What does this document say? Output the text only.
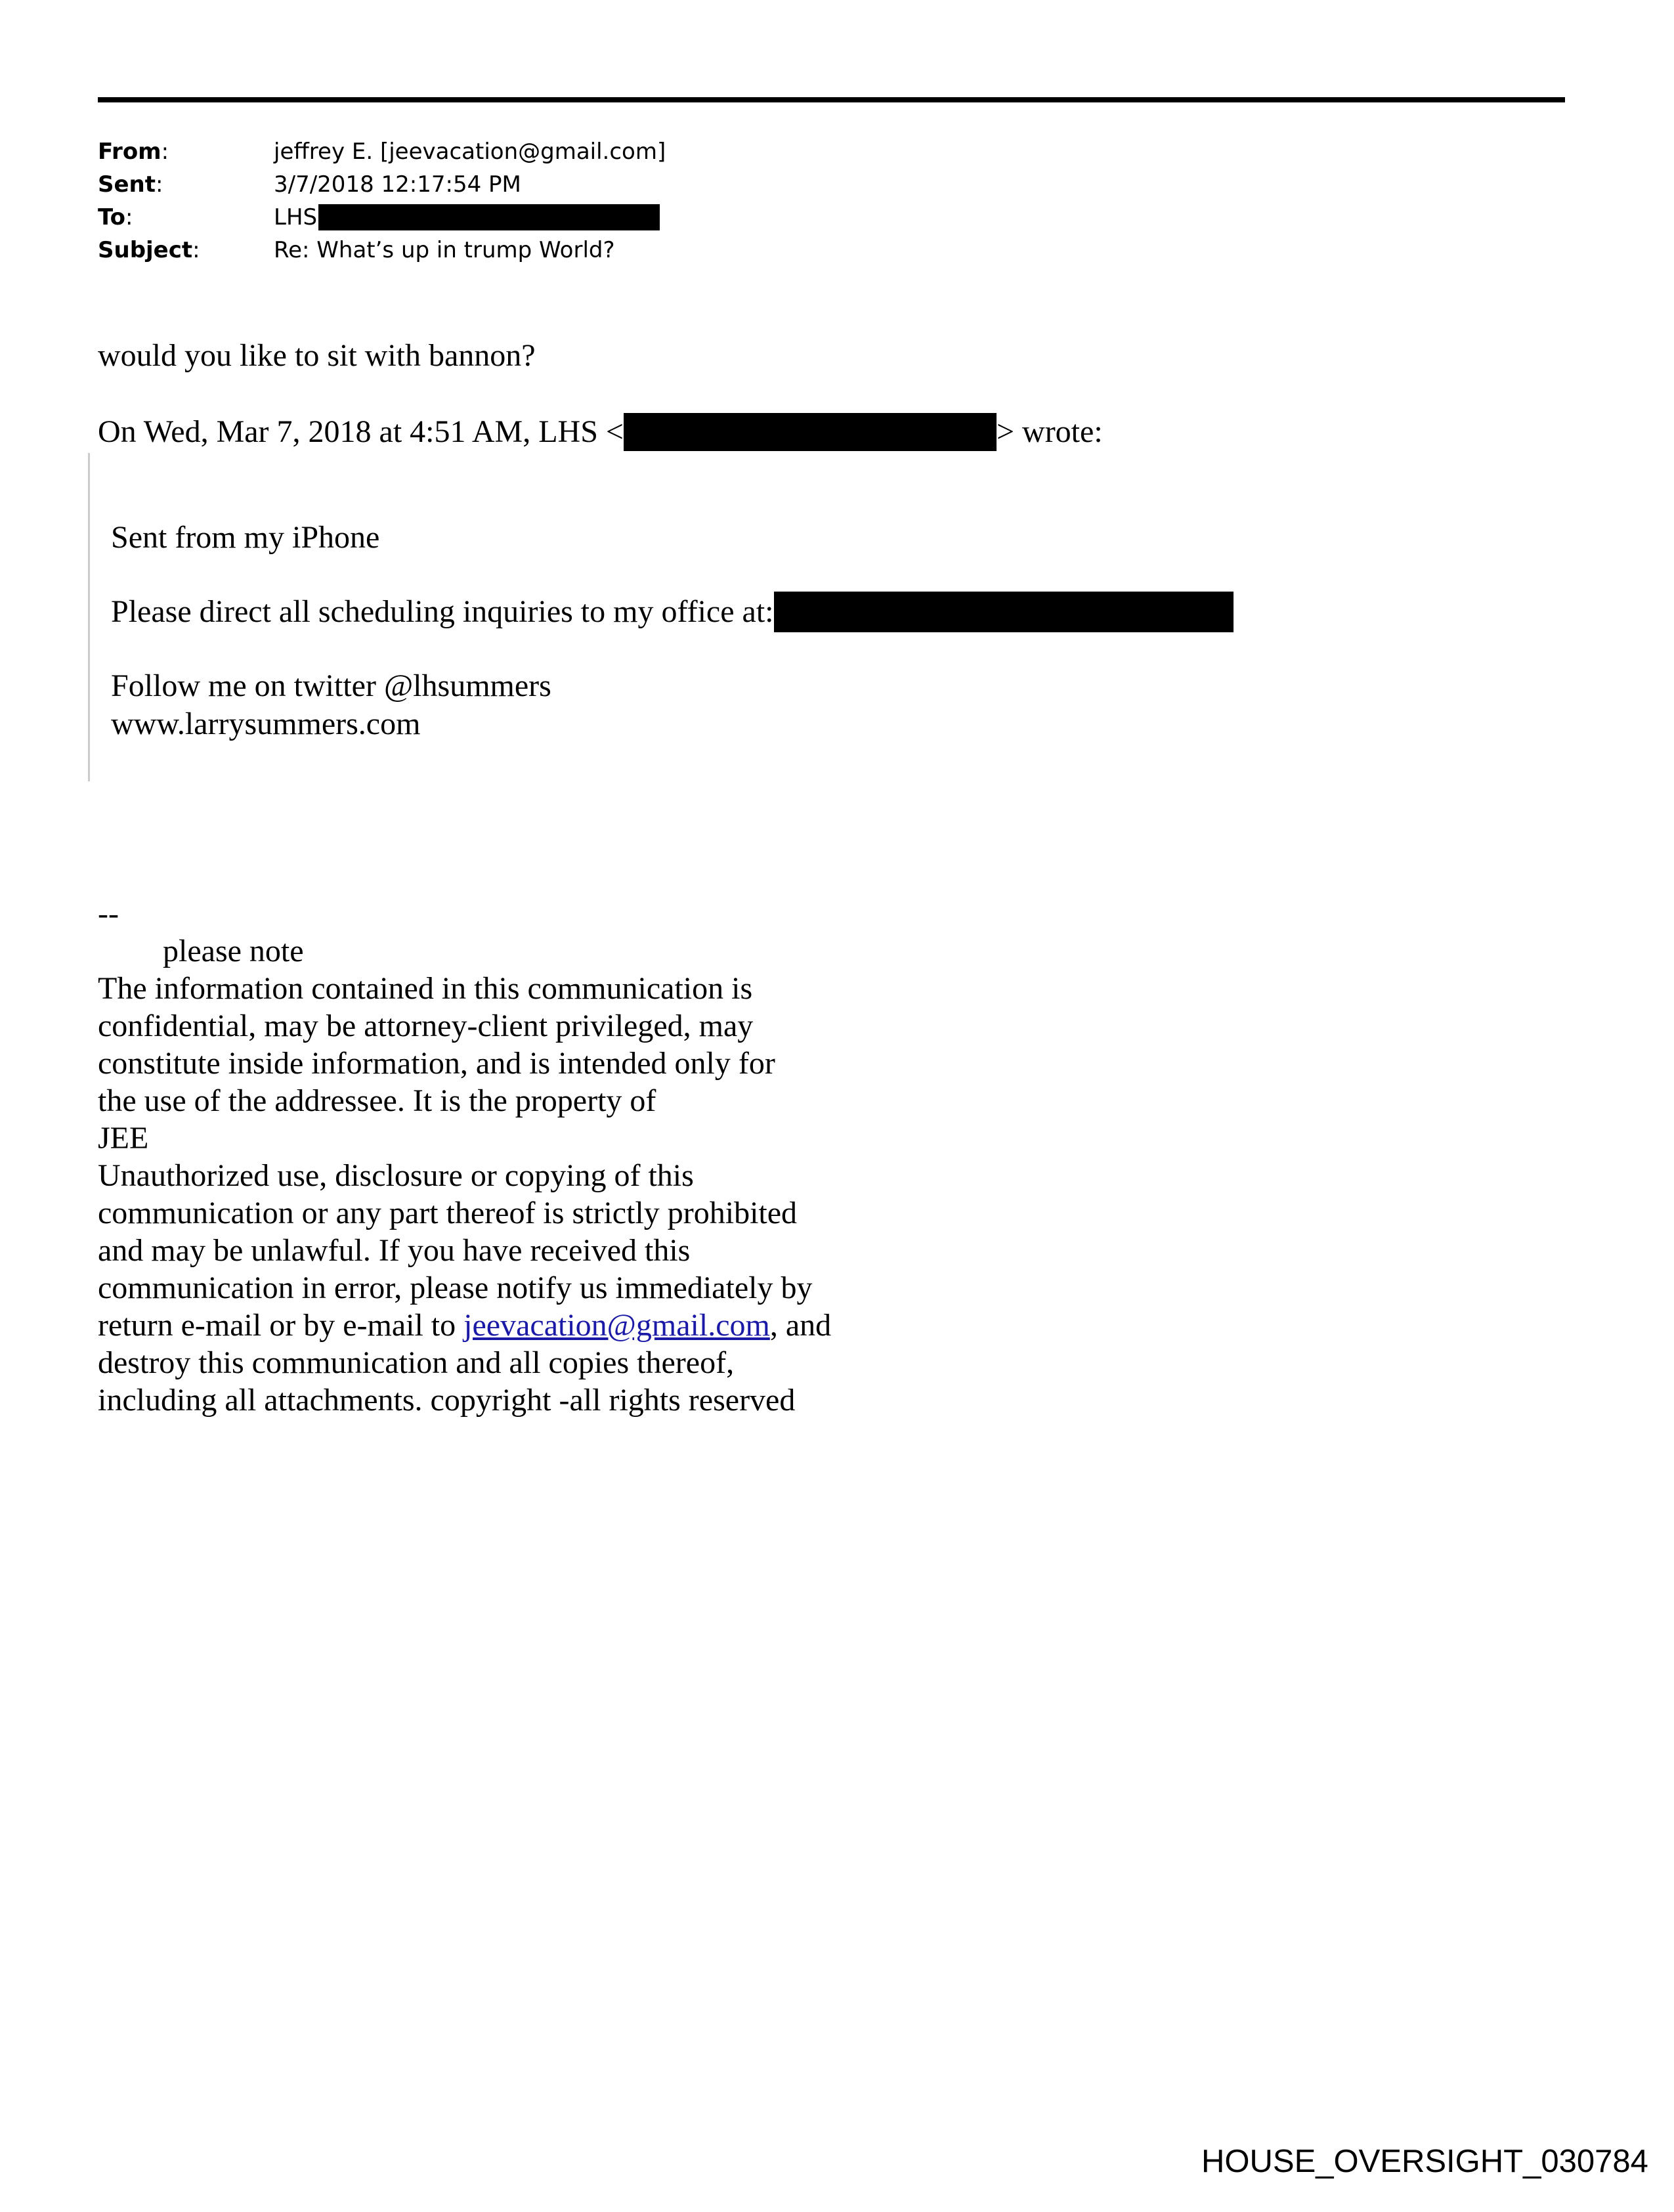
From:	jeffrey E. [jeevacation@gmail.com]
Sent:	3/7/2018 12:17:54 PM
To:	LHS
Subject:	Re: What’s up in trump World?
would you like to sit with bannon?
On Wed, Mar 7, 2018 at 4:51 AM, LHS <	> wrote:
Sent from my iPhone
Please direct all scheduling inquiries to my office at:
Follow me on twitter @lhsummers
www.larrysummers.com
--
please note
The information contained in this communication is
confidential, may be attorney-client privileged, may
constitute inside information, and is intended only for
the use of the addressee. It is the property of
JEE
Unauthorized use, disclosure or copying of this
communication or any part thereof is strictly prohibited
and may be unlawful. If you have received this
communication in error, please notify us immediately by
return e-mail or by e-mail to jeevacation@gmail.com, and
destroy this communication and all copies thereof,
including all attachments. copyright -all rights reserved
HOUSE_OVERSIGHT_030784
